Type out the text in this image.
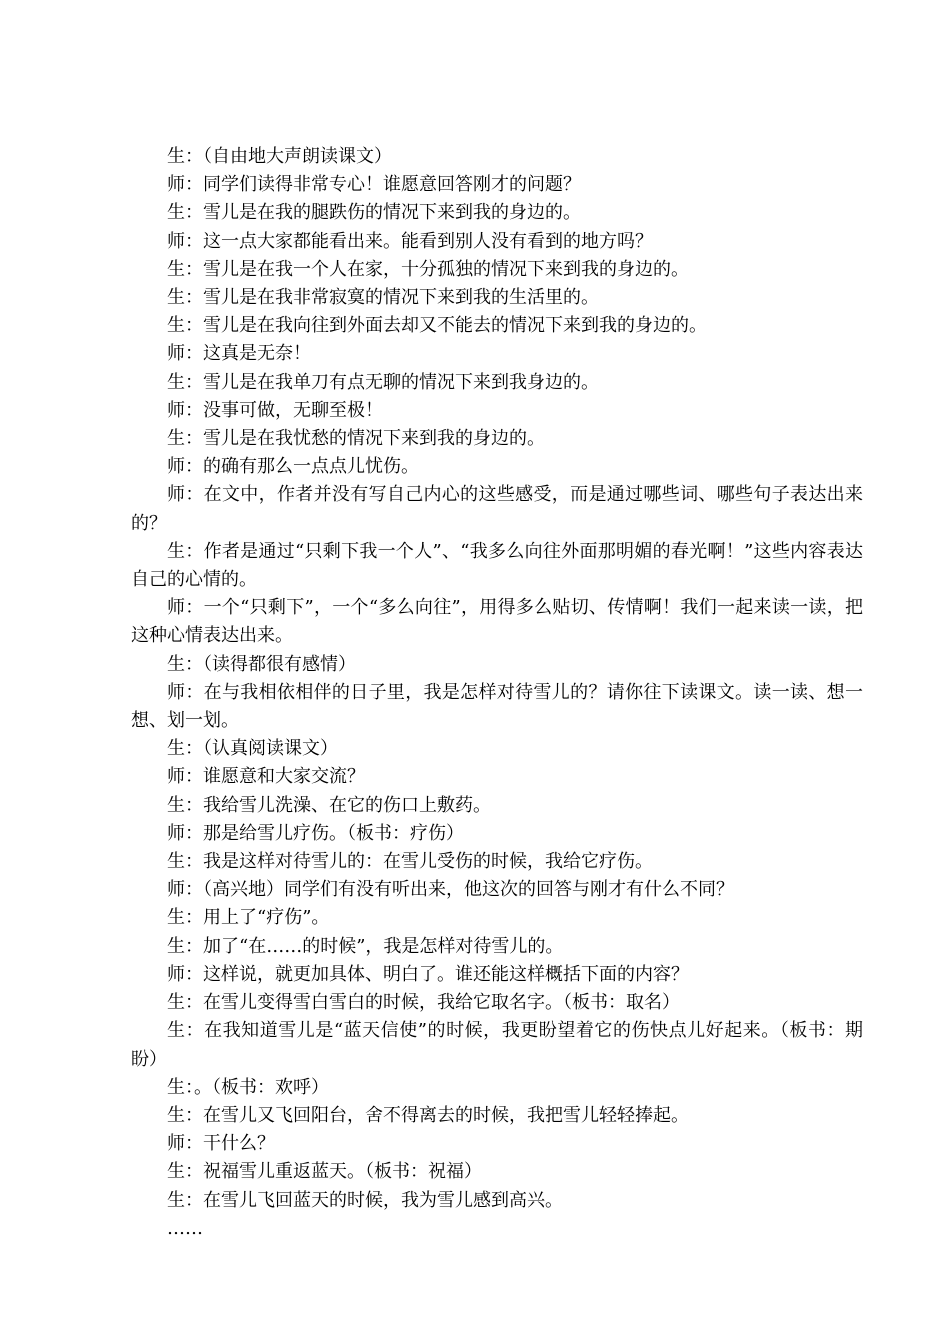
生：（自由地大声朗读课文）

师：同学们读得非常专心！谁愿意回答刚才的问题？

生：雪儿是在我的腿跌伤的情况下来到我的身边的。

师：这一点大家都能看出来。能看到别人没有看到的地方吗？

生：雪儿是在我一个人在家，十分孤独的情况下来到我的身边的。

生：雪儿是在我非常寂寞的情况下来到我的生活里的。

生：雪儿是在我向往到外面去却又不能去的情况下来到我的身边的。

师：这真是无奈！

生：雪儿是在我单刀有点无聊的情况下来到我身边的。

师：没事可做，无聊至极！

生：雪儿是在我忧愁的情况下来到我的身边的。

师：的确有那么一点点儿忧伤。

师：在文中，作者并没有写自己内心的这些感受，而是通过哪些词、哪些句子表达出来的？

生：作者是通过“只剩下我一个人”、“我多么向往外面那明媚的春光啊！”这些内容表达自己的心情的。

师：一个“只剩下”，一个“多么向往”，用得多么贴切、传情啊！我们一起来读一读，把这种心情表达出来。

生：（读得都很有感情）

师：在与我相依相伴的日子里，我是怎样对待雪儿的？请你往下读课文。读一读、想一想、划一划。

生：（认真阅读课文）

师：谁愿意和大家交流？

生：我给雪儿洗澡、在它的伤口上敷药。

师：那是给雪儿疗伤。（板书：疗伤）

生：我是这样对待雪儿的：在雪儿受伤的时候，我给它疗伤。

师：（高兴地）同学们有没有听出来，他这次的回答与刚才有什么不同？

生：用上了“疗伤”。

生：加了“在……的时候”，我是怎样对待雪儿的。

师：这样说，就更加具体、明白了。谁还能这样概括下面的内容？

生：在雪儿变得雪白雪白的时候，我给它取名字。（板书：取名）

生：在我知道雪儿是“蓝天信使”的时候，我更盼望着它的伤快点儿好起来。（板书：期盼）

生：。（板书：欢呼）

生：在雪儿又飞回阳台，舍不得离去的时候，我把雪儿轻轻捧起。

师：干什么？

生：祝福雪儿重返蓝天。（板书：祝福）

生：在雪儿飞回蓝天的时候，我为雪儿感到高兴。

……
